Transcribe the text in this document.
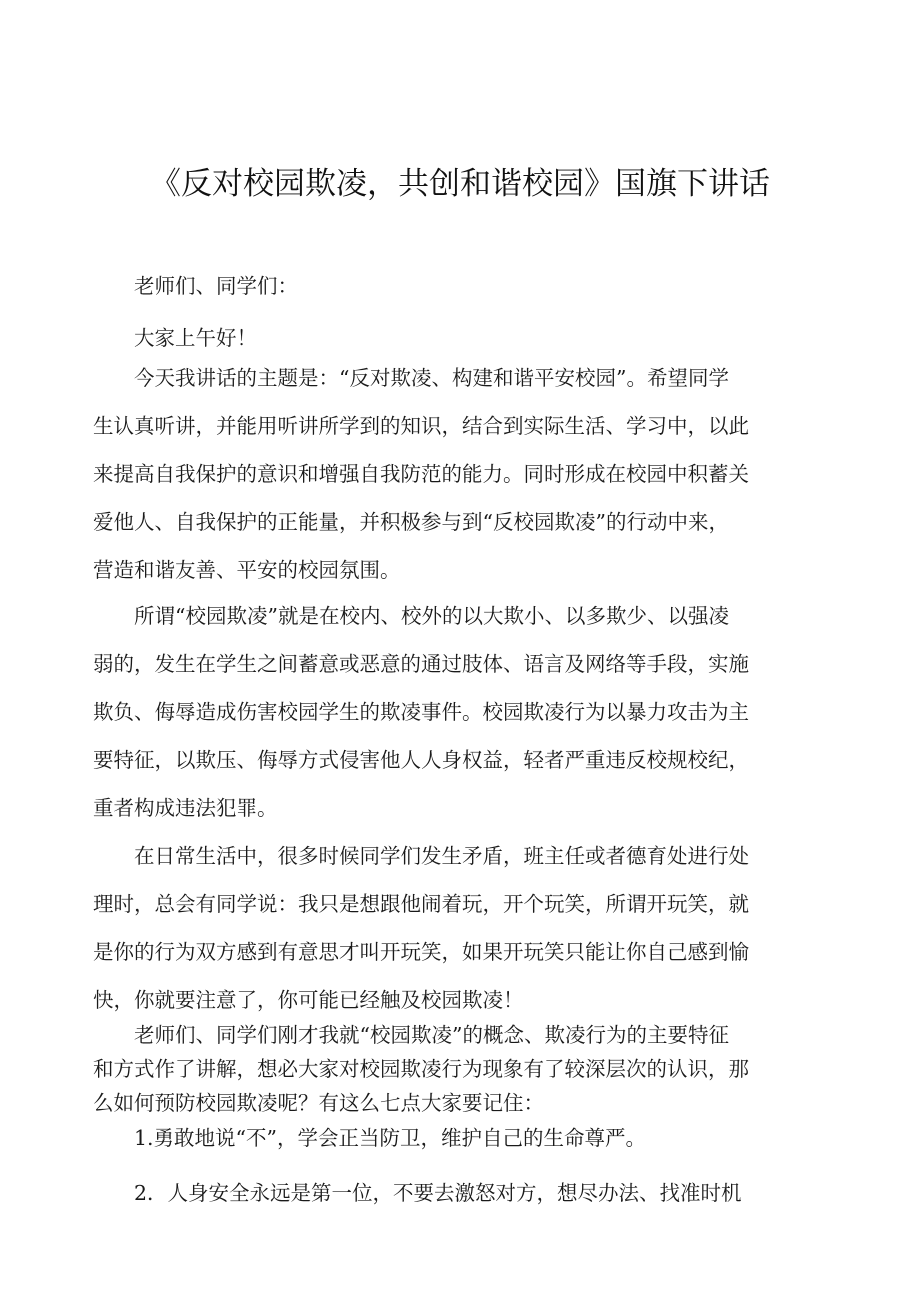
《反对校园欺凌，共创和谐校园》国旗下讲话

老师们、同学们：

大家上午好！

今天我讲话的主题是：“反对欺凌、构建和谐平安校园”。希望同学
生认真听讲，并能用听讲所学到的知识，结合到实际生活、学习中，以此
来提高自我保护的意识和增强自我防范的能力。同时形成在校园中积蓄关
爱他人、自我保护的正能量，并积极参与到“反校园欺凌”的行动中来，
营造和谐友善、平安的校园氛围。

所谓“校园欺凌”就是在校内、校外的以大欺小、以多欺少、以强凌
弱的，发生在学生之间蓄意或恶意的通过肢体、语言及网络等手段，实施
欺负、侮辱造成伤害校园学生的欺凌事件。校园欺凌行为以暴力攻击为主
要特征，以欺压、侮辱方式侵害他人人身权益，轻者严重违反校规校纪，
重者构成违法犯罪。

在日常生活中，很多时候同学们发生矛盾，班主任或者德育处进行处
理时，总会有同学说：我只是想跟他闹着玩，开个玩笑，所谓开玩笑，就
是你的行为双方感到有意思才叫开玩笑，如果开玩笑只能让你自己感到愉
快，你就要注意了，你可能已经触及校园欺凌！

老师们、同学们刚才我就“校园欺凌”的概念、欺凌行为的主要特征
和方式作了讲解，想必大家对校园欺凌行为现象有了较深层次的认识，那
么如何预防校园欺凌呢？有这么七点大家要记住：

1.勇敢地说“不”，学会正当防卫，维护自己的生命尊严。

2．人身安全永远是第一位，不要去激怒对方，想尽办法、找准时机
